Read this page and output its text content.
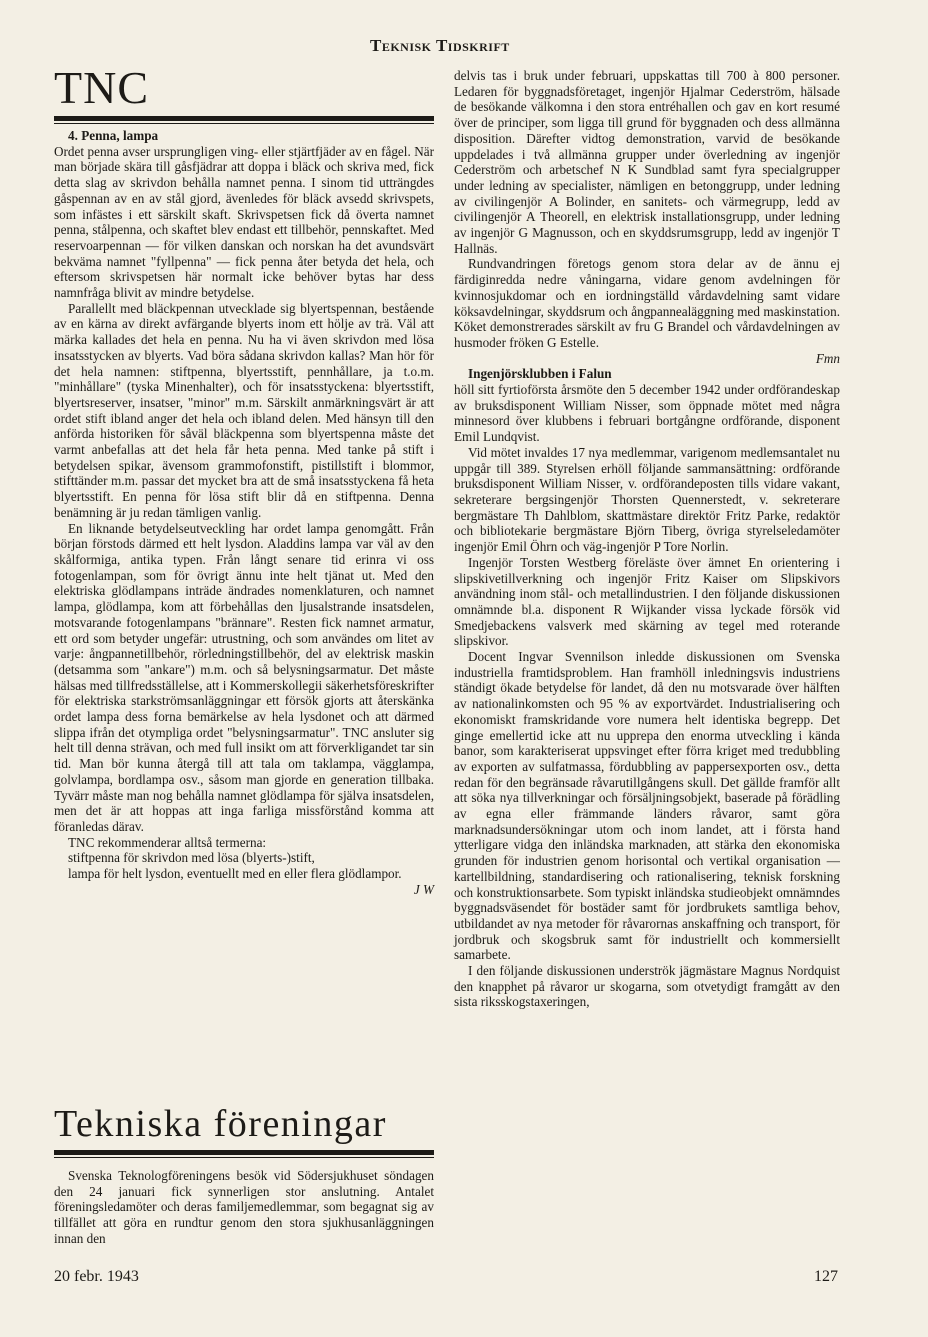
Teknisk Tidskrift
TNC

4. Penna, lampa

Ordet penna avser ursprungligen ving- eller stjärtfjäder av en fågel. När man började skära till gåsfjädrar att doppa i bläck och skriva med, fick detta slag av skrivdon behålla namnet penna. I sinom tid utträngdes gåspennan av en av stål gjord, ävenledes för bläck avsedd skrivspets, som infästes i ett särskilt skaft. Skrivspetsen fick då överta namnet penna, stålpenna, och skaftet blev endast ett tillbehör, pennskaftet. Med reservoarpennan — för vilken danskan och norskan ha det avundsvärt bekväma namnet "fyllpenna" — fick penna åter betyda det hela, och eftersom skrivspetsen här normalt icke behöver bytas har dess namnfråga blivit av mindre betydelse.

Parallellt med bläckpennan utvecklade sig blyertspennan, bestående av en kärna av direkt avfärgande blyerts inom ett hölje av trä. Väl att märka kallades det hela en penna. Nu ha vi även skrivdon med lösa insatsstycken av blyerts. Vad böra sådana skrivdon kallas? Man hör för det hela namnen: stiftpenna, blyertsstift, pennhållare, ja t.o.m. "minhållare" (tyska Minenhalter), och för insatsstyckena: blyertsstift, blyertsreserver, insatser, "minor" m.m. Särskilt anmärkningsvärt är att ordet stift ibland anger det hela och ibland delen. Med hänsyn till den anförda historiken för såväl bläckpenna som blyertspenna måste det varmt anbefallas att det hela får heta penna. Med tanke på stift i betydelsen spikar, ävensom grammofonstift, pistillstift i blommor, stifttänder m.m. passar det mycket bra att de små insatsstyckena få heta blyertsstift. En penna för lösa stift blir då en stiftpenna. Denna benämning är ju redan tämligen vanlig.

En liknande betydelseutveckling har ordet lampa genomgått. Från början förstods därmed ett helt lysdon. Aladdins lampa var väl av den skålformiga, antika typen. Från långt senare tid erinra vi oss fotogenlampan, som för övrigt ännu inte helt tjänat ut. Med den elektriska glödlampans inträde ändrades nomenklaturen, och namnet lampa, glödlampa, kom att förbehållas den ljusalstrande insatsdelen, motsvarande fotogenlampans "brännare". Resten fick namnet armatur, ett ord som betyder ungefär: utrustning, och som användes om litet av varje: ångpannetillbehör, rörledningstillbehör, del av elektrisk maskin (detsamma som "ankare") m.m. och så belysningsarmatur. Det måste hälsas med tillfredsställelse, att i Kommerskollegii säkerhetsföreskrifter för elektriska starkströmsanläggningar ett försök gjorts att återskänka ordet lampa dess forna bemärkelse av hela lysdonet och att därmed slippa ifrån det otympliga ordet "belysningsarmatur". TNC ansluter sig helt till denna strävan, och med full insikt om att förverkligandet tar sin tid. Man bör kunna återgå till att tala om taklampa, vägglampa, golvlampa, bordlampa osv., såsom man gjorde en generation tillbaka. Tyvärr måste man nog behålla namnet glödlampa för själva insatsdelen, men det är att hoppas att inga farliga missförstånd komma att föranledas därav.

TNC rekommenderar alltså termerna:

stiftpenna för skrivdon med lösa (blyerts-)stift,

lampa för helt lysdon, eventuellt med en eller flera glödlampor.

J W

Tekniska föreningar

Svenska Teknologföreningens besök vid Södersjukhuset söndagen den 24 januari fick synnerligen stor anslutning. Antalet föreningsledamöter och deras familjemedlemmar, som begagnat sig av tillfället att göra en rundtur genom den stora sjukhusanläggningen innan den

delvis tas i bruk under februari, uppskattas till 700 à 800 personer. Ledaren för byggnadsföretaget, ingenjör Hjalmar Cederström, hälsade de besökande välkomna i den stora entréhallen och gav en kort resumé över de principer, som ligga till grund för byggnaden och dess allmänna disposition. Därefter vidtog demonstration, varvid de besökande uppdelades i två allmänna grupper under överledning av ingenjör Cederström och arbetschef N K Sundblad samt fyra specialgrupper under ledning av specialister, nämligen en betonggrupp, under ledning av civilingenjör A Bolinder, en sanitets- och värmegrupp, ledd av civilingenjör A Theorell, en elektrisk installationsgrupp, under ledning av ingenjör G Magnusson, och en skyddsrumsgrupp, ledd av ingenjör T Hallnäs.

Rundvandringen företogs genom stora delar av de ännu ej färdiginredda nedre våningarna, vidare genom avdelningen för kvinnosjukdomar och en iordningställd vårdavdelning samt vidare köksavdelningar, skyddsrum och ångpannealäggning med maskinstation. Köket demonstrerades särskilt av fru G Brandel och vårdavdelningen av husmoder fröken G Estelle.

Fmn

Ingenjörsklubben i Falun

höll sitt fyrtioförsta årsmöte den 5 december 1942 under ordförandeskap av bruksdisponent William Nisser, som öppnade mötet med några minnesord över klubbens i februari bortgångne ordförande, disponent Emil Lundqvist.

Vid mötet invaldes 17 nya medlemmar, varigenom medlemsantalet nu uppgår till 389. Styrelsen erhöll följande sammansättning: ordförande bruksdisponent William Nisser, v. ordförandeposten tills vidare vakant, sekreterare bergsingenjör Thorsten Quennerstedt, v. sekreterare bergmästare Th Dahlblom, skattmästare direktör Fritz Parke, redaktör och bibliotekarie bergmästare Björn Tiberg, övriga styrelseledamöter ingenjör Emil Öhrn och väg-ingenjör P Tore Norlin.

Ingenjör Torsten Westberg föreläste över ämnet En orientering i slipskivetillverkning och ingenjör Fritz Kaiser om Slipskivors användning inom stål- och metallindustrien. I den följande diskussionen omnämnde bl.a. disponent R Wijkander vissa lyckade försök vid Smedjebackens valsverk med skärning av tegel med roterande slipskivor.

Docent Ingvar Svennilson inledde diskussionen om Svenska industriella framtidsproblem. Han framhöll inledningsvis industriens ständigt ökade betydelse för landet, då den nu motsvarade över hälften av nationalinkomsten och 95 % av exportvärdet. Industrialisering och ekonomiskt framskridande vore numera helt identiska begrepp. Det ginge emellertid icke att nu upprepa den enorma utveckling i kända banor, som karakteriserat uppsvinget efter förra kriget med tredubbling av exporten av sulfatmassa, fördubbling av pappersexporten osv., detta redan för den begränsade råvarutillgångens skull. Det gällde framför allt att söka nya tillverkningar och försäljningsobjekt, baserade på förädling av egna eller främmande länders råvaror, samt göra marknadsundersökningar utom och inom landet, att i första hand ytterligare vidga den inländska marknaden, att stärka den ekonomiska grunden för industrien genom horisontal och vertikal organisation — kartellbildning, standardisering och rationalisering, teknisk forskning och konstruktionsarbete. Som typiskt inländska studieobjekt omnämndes byggnadsväsendet för bostäder samt för jordbrukets samtliga behov, utbildandet av nya metoder för råvarornas anskaffning och transport, för jordbruk och skogsbruk samt för industriellt och kommersiellt samarbete.

I den följande diskussionen underströk jägmästare Magnus Nordquist den knapphet på råvaror ur skogarna, som otvetydigt framgått av den sista riksskogstaxeringen,

20 febr. 1943	127
